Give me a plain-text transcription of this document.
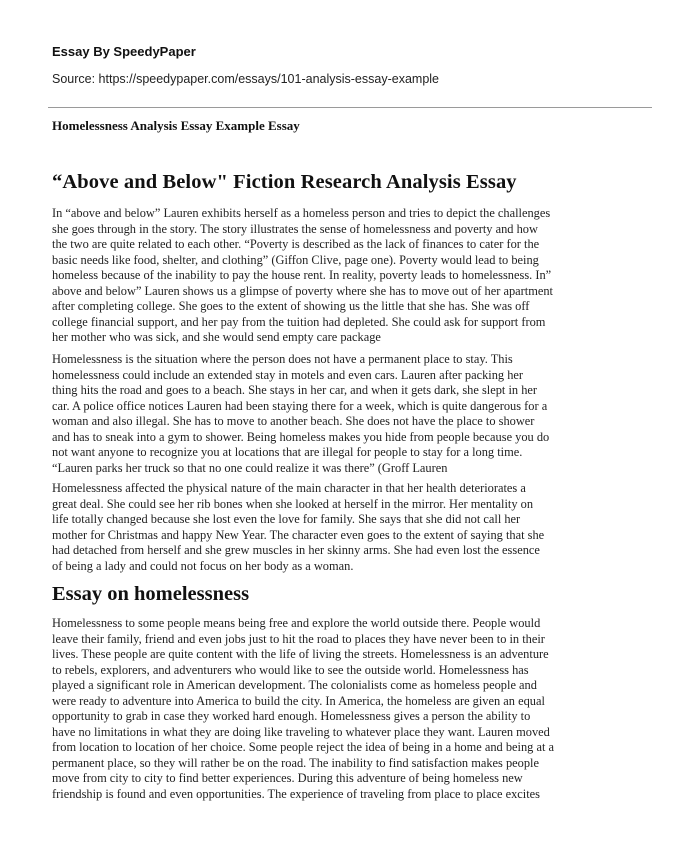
Essay By SpeedyPaper
Source: https://speedypaper.com/essays/101-analysis-essay-example
Homelessness Analysis Essay Example Essay
“Above and Below" Fiction Research Analysis Essay
In “above and below” Lauren exhibits herself as a homeless person and tries to depict the challenges
she goes through in the story. The story illustrates the sense of homelessness and poverty and how
the two are quite related to each other. “Poverty is described as the lack of finances to cater for the
basic needs like food, shelter, and clothing” (Giffon Clive, page one). Poverty would lead to being
homeless because of the inability to pay the house rent. In reality, poverty leads to homelessness. In”
above and below” Lauren shows us a glimpse of poverty where she has to move out of her apartment
after completing college. She goes to the extent of showing us the little that she has. She was off
college financial support, and her pay from the tuition had depleted. She could ask for support from
her mother who was sick, and she would send empty care package
Homelessness is the situation where the person does not have a permanent place to stay. This
homelessness could include an extended stay in motels and even cars. Lauren after packing her
thing hits the road and goes to a beach. She stays in her car, and when it gets dark, she slept in her
car. A police office notices Lauren had been staying there for a week, which is quite dangerous for a
woman and also illegal. She has to move to another beach. She does not have the place to shower
and has to sneak into a gym to shower. Being homeless makes you hide from people because you do
not want anyone to recognize you at locations that are illegal for people to stay for a long time.
“Lauren parks her truck so that no one could realize it was there” (Groff Lauren
Homelessness affected the physical nature of the main character in that her health deteriorates a
great deal. She could see her rib bones when she looked at herself in the mirror. Her mentality on
life totally changed because she lost even the love for family. She says that she did not call her
mother for Christmas and happy New Year. The character even goes to the extent of saying that she
had detached from herself and she grew muscles in her skinny arms. She had even lost the essence
of being a lady and could not focus on her body as a woman.
Essay on homelessness
Homelessness to some people means being free and explore the world outside there. People would
leave their family, friend and even jobs just to hit the road to places they have never been to in their
lives. These people are quite content with the life of living the streets. Homelessness is an adventure
to rebels, explorers, and adventurers who would like to see the outside world. Homelessness has
played a significant role in American development. The colonialists come as homeless people and
were ready to adventure into America to build the city. In America, the homeless are given an equal
opportunity to grab in case they worked hard enough. Homelessness gives a person the ability to
have no limitations in what they are doing like traveling to whatever place they want. Lauren moved
from location to location of her choice. Some people reject the idea of being in a home and being at a
permanent place, so they will rather be on the road. The inability to find satisfaction makes people
move from city to city to find better experiences. During this adventure of being homeless new
friendship is found and even opportunities. The experience of traveling from place to place excites
